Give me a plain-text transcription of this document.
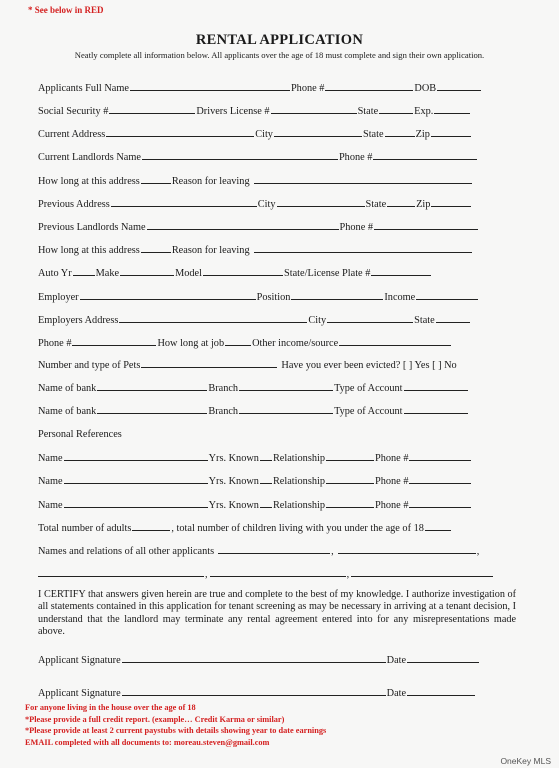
* See below in RED
RENTAL APPLICATION
Neatly complete all information below. All applicants over the age of 18 must complete and sign their own application.
Applicants Full Name	Phone #	DOB
Social Security #	Drivers License #	State	Exp.
Current Address	City	State	Zip
Current Landlords Name	Phone #
How long at this address	Reason for leaving
Previous Address	City	State	Zip
Previous Landlords Name	Phone #
How long at this address	Reason for leaving
Auto Yr Make	Model	State/License Plate #
Employer	Position	Income
Employers Address	City	State
Phone #	How long at job	Other income/source
Number and type of Pets	Have you ever been evicted? [ ] Yes [ ] No
Name of bank	Branch	Type of Account
Name of bank	Branch	Type of Account
Personal References
Name	Yrs. Known Relationship	Phone #
Name	Yrs. Known Relationship	Phone #
Name	Yrs. Known Relationship	Phone #
Total number of adults	, total number of children living with you under the age of 18
Names and relations of all other applicants	,	,
,	,
I CERTIFY that answers given herein are true and complete to the best of my knowledge. I authorize investigation of all statements contained in this application for tenant screening as may be necessary in arriving at a tenant decision, I understand that the landlord may terminate any rental agreement entered into for any misrepresentations made above.
Applicant Signature	Date
Applicant Signature	Date
For anyone living in the house over the age of 18
*Please provide a full credit report. (example… Credit Karma or similar)
*Please provide at least 2 current paystubs with details showing year to date earnings
EMAIL completed with all documents to: moreau.steven@gmail.com
OneKey MLS
